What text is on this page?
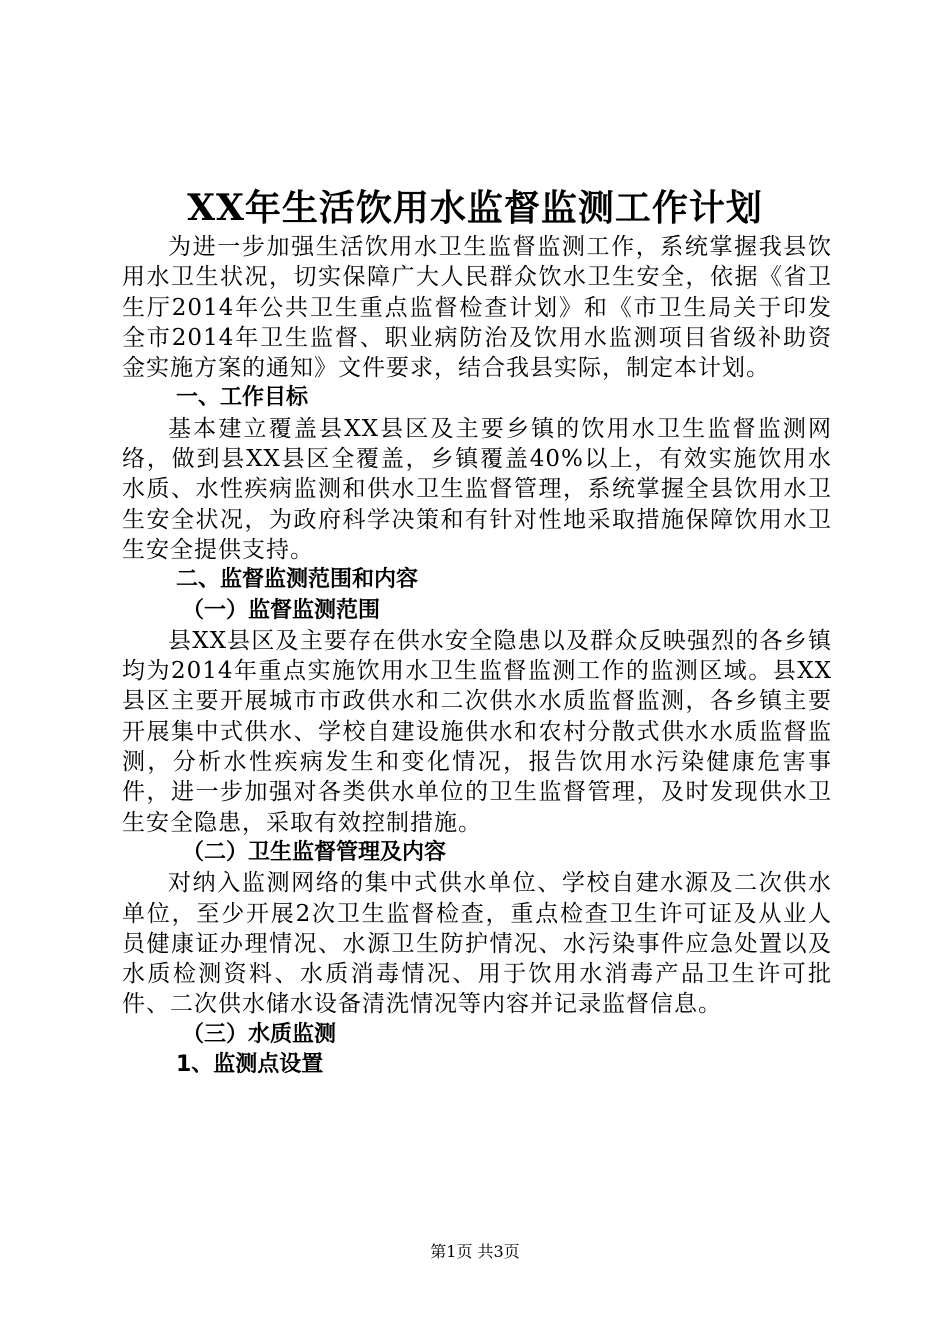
XX年生活饮用水监督监测工作计划

为进一步加强生活饮用水卫生监督监测工作，系统掌握我县饮用水卫生状况，切实保障广大人民群众饮水卫生安全，依据《省卫生厅2014年公共卫生重点监督检查计划》和《市卫生局关于印发全市2014年卫生监督、职业病防治及饮用水监测项目省级补助资金实施方案的通知》文件要求，结合我县实际，制定本计划。

一、工作目标

基本建立覆盖县XX县区及主要乡镇的饮用水卫生监督监测网络，做到县XX县区全覆盖，乡镇覆盖40%以上，有效实施饮用水水质、水性疾病监测和供水卫生监督管理，系统掌握全县饮用水卫生安全状况，为政府科学决策和有针对性地采取措施保障饮用水卫生安全提供支持。

二、监督监测范围和内容

（一）监督监测范围

县XX县区及主要存在供水安全隐患以及群众反映强烈的各乡镇均为2014年重点实施饮用水卫生监督监测工作的监测区域。县XX县区主要开展城市市政供水和二次供水水质监督监测，各乡镇主要开展集中式供水、学校自建设施供水和农村分散式供水水质监督监测，分析水性疾病发生和变化情况，报告饮用水污染健康危害事件，进一步加强对各类供水单位的卫生监督管理，及时发现供水卫生安全隐患，采取有效控制措施。

（二）卫生监督管理及内容

对纳入监测网络的集中式供水单位、学校自建水源及二次供水单位，至少开展2次卫生监督检查，重点检查卫生许可证及从业人员健康证办理情况、水源卫生防护情况、水污染事件应急处置以及水质检测资料、水质消毒情况、用于饮用水消毒产品卫生许可批件、二次供水储水设备清洗情况等内容并记录监督信息。

（三）水质监测

1、监测点设置

第1页 共3页
